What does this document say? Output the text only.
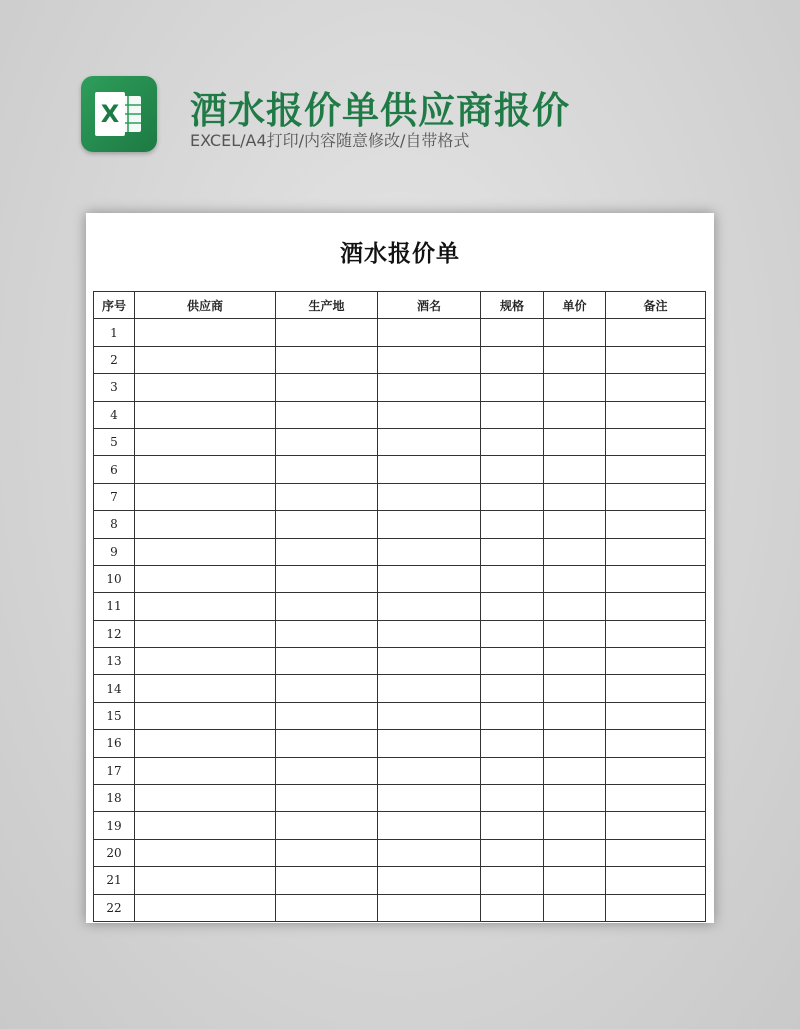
X 酒水报价单供应商报价
EXCEL/A4打印/内容随意修改/自带格式
酒水报价单
序号	供应商	生产地	酒名	规格	单价	备注
1						
2						
3						
4						
5						
6						
7						
8						
9						
10						
11						
12						
13						
14						
15						
16						
17						
18						
19						
20						
21						
22						
